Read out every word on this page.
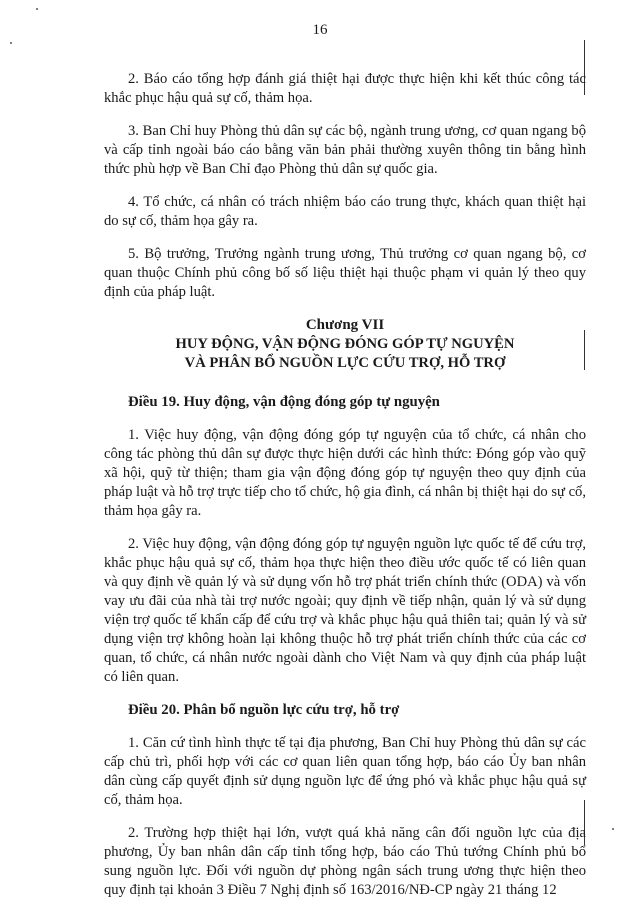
16

2. Báo cáo tổng hợp đánh giá thiệt hại được thực hiện khi kết thúc công tác khắc phục hậu quả sự cố, thảm họa.

3. Ban Chỉ huy Phòng thủ dân sự các bộ, ngành trung ương, cơ quan ngang bộ và cấp tỉnh ngoài báo cáo bằng văn bản phải thường xuyên thông tin bằng hình thức phù hợp về Ban Chỉ đạo Phòng thủ dân sự quốc gia.

4. Tổ chức, cá nhân có trách nhiệm báo cáo trung thực, khách quan thiệt hại do sự cố, thảm họa gây ra.

5. Bộ trưởng, Trưởng ngành trung ương, Thủ trưởng cơ quan ngang bộ, cơ quan thuộc Chính phủ công bố số liệu thiệt hại thuộc phạm vi quản lý theo quy định của pháp luật.

Chương VII
HUY ĐỘNG, VẬN ĐỘNG ĐÓNG GÓP TỰ NGUYỆN
VÀ PHÂN BỔ NGUỒN LỰC CỨU TRỢ, HỖ TRỢ

Điều 19. Huy động, vận động đóng góp tự nguyện

1. Việc huy động, vận động đóng góp tự nguyện của tổ chức, cá nhân cho công tác phòng thủ dân sự được thực hiện dưới các hình thức: Đóng góp vào quỹ xã hội, quỹ từ thiện; tham gia vận động đóng góp tự nguyện theo quy định của pháp luật và hỗ trợ trực tiếp cho tổ chức, hộ gia đình, cá nhân bị thiệt hại do sự cố, thảm họa gây ra.

2. Việc huy động, vận động đóng góp tự nguyện nguồn lực quốc tế để cứu trợ, khắc phục hậu quả sự cố, thảm họa thực hiện theo điều ước quốc tế có liên quan và quy định về quản lý và sử dụng vốn hỗ trợ phát triển chính thức (ODA) và vốn vay ưu đãi của nhà tài trợ nước ngoài; quy định về tiếp nhận, quản lý và sử dụng viện trợ quốc tế khẩn cấp để cứu trợ và khắc phục hậu quả thiên tai; quản lý và sử dụng viện trợ không hoàn lại không thuộc hỗ trợ phát triển chính thức của các cơ quan, tổ chức, cá nhân nước ngoài dành cho Việt Nam và quy định của pháp luật có liên quan.

Điều 20. Phân bổ nguồn lực cứu trợ, hỗ trợ

1. Căn cứ tình hình thực tế tại địa phương, Ban Chỉ huy Phòng thủ dân sự các cấp chủ trì, phối hợp với các cơ quan liên quan tổng hợp, báo cáo Ủy ban nhân dân cùng cấp quyết định sử dụng nguồn lực để ứng phó và khắc phục hậu quả sự cố, thảm họa.

2. Trường hợp thiệt hại lớn, vượt quá khả năng cân đối nguồn lực của địa phương, Ủy ban nhân dân cấp tỉnh tổng hợp, báo cáo Thủ tướng Chính phủ bổ sung nguồn lực. Đối với nguồn dự phòng ngân sách trung ương thực hiện theo quy định tại khoản 3 Điều 7 Nghị định số 163/2016/NĐ-CP ngày 21 tháng 12
